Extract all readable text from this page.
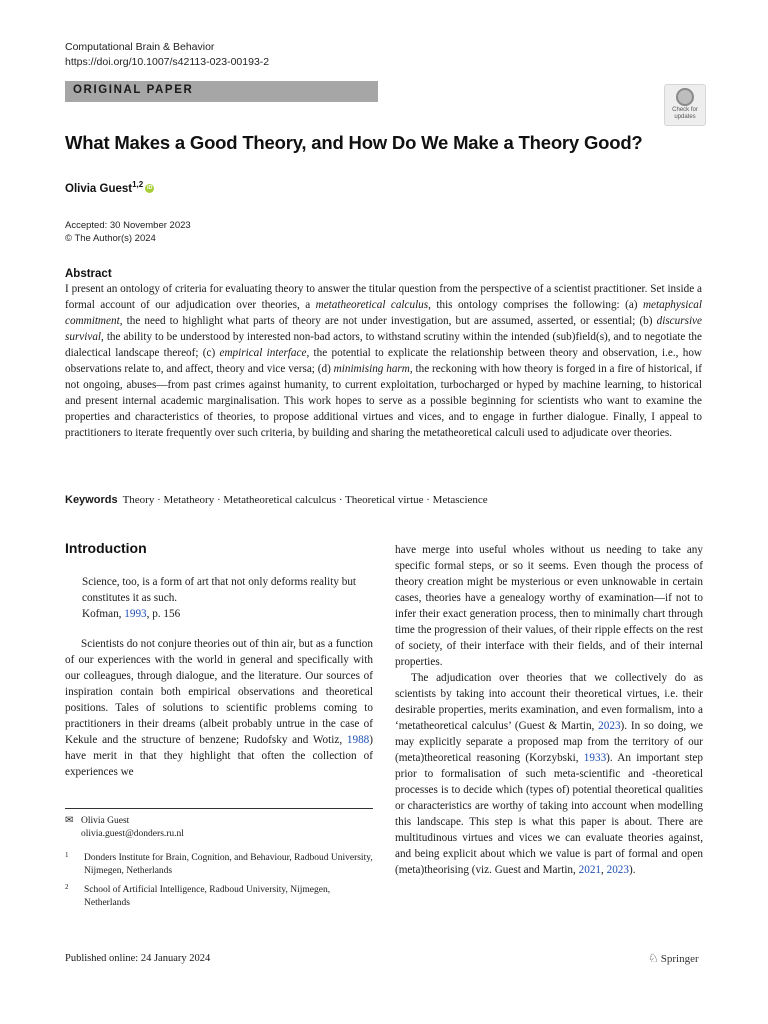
Computational Brain & Behavior
https://doi.org/10.1007/s42113-023-00193-2
ORIGINAL PAPER
Check for
updates
What Makes a Good Theory, and How Do We Make a Theory Good?
Olivia Guest$^{1,2}$ iD
Accepted: 30 November 2023
© The Author(s) 2024
Abstract
I present an ontology of criteria for evaluating theory to answer the titular question from the perspective of a scientist practitioner. Set inside a formal account of our adjudication over theories, a metatheoretical calculus, this ontology comprises the following: (a) metaphysical commitment, the need to highlight what parts of theory are not under investigation, but are assumed, asserted, or essential; (b) discursive survival, the ability to be understood by interested non-bad actors, to withstand scrutiny within the intended (sub)field(s), and to negotiate the dialectical landscape thereof; (c) empirical interface, the potential to explicate the relationship between theory and observation, i.e., how observations relate to, and affect, theory and vice versa; (d) minimising harm, the reckoning with how theory is forged in a fire of historical, if not ongoing, abuses—from past crimes against humanity, to current exploitation, turbocharged or hyped by machine learning, to historical and present internal academic marginalisation. This work hopes to serve as a possible beginning for scientists who want to examine the properties and characteristics of theories, to propose additional virtues and vices, and to engage in further dialogue. Finally, I appeal to practitioners to iterate frequently over such criteria, by building and sharing the metatheoretical calculi used to adjudicate over theories.
Keywords Theory · Metatheory · Metatheoretical calculcus · Theoretical virtue · Metascience
Introduction

Science, too, is a form of art that not only deforms reality but constitutes it as such.

Kofman, 1993, p. 156

Scientists do not conjure theories out of thin air, but as a function of our experiences with the world in general and specifically with our colleagues, through dialogue, and the literature. Our sources of inspiration contain both empirical observations and theoretical positions. Tales of solutions to scientific problems coming to practitioners in their dreams (albeit probably untrue in the case of Kekule and the structure of benzene; Rudofsky and Wotiz, 1988) have merit in that they highlight that often the collection of experiences we

have merge into useful wholes without us needing to take any specific formal steps, or so it seems. Even though the process of theory creation might be mysterious or even unknowable in certain cases, theories have a genealogy worthy of examination—if not to infer their exact generation process, then to minimally chart through time the progression of their values, of their ripple effects on the rest of society, of their interface with their fields, and of their internal properties.

The adjudication over theories that we collectively do as scientists by taking into account their theoretical virtues, i.e. their desirable properties, merits examination, and even formalism, into a ‘metatheoretical calculus’ (Guest & Martin, 2023). In so doing, we may explicitly separate a proposed map from the territory of our (meta)theoretical reasoning (Korzybski, 1933). An important step prior to formalisation of such meta-scientific and -theoretical processes is to decide which (types of) potential theoretical qualities or characteristics are worthy of taking into account when modelling this landscape. This step is what this paper is about. There are multitudinous virtues and vices we can evaluate theories against, and being explicit about which we value is part of formal and open (meta)theorising (viz. Guest and Martin, 2021, 2023).

✉ Olivia Guest
olivia.guest@donders.ru.nl
1 Donders Institute for Brain, Cognition, and Behaviour, Radboud University, Nijmegen, Netherlands
2 School of Artificial Intelligence, Radboud University, Nijmegen, Netherlands
Published online: 24 January 2024	♘ Springer
